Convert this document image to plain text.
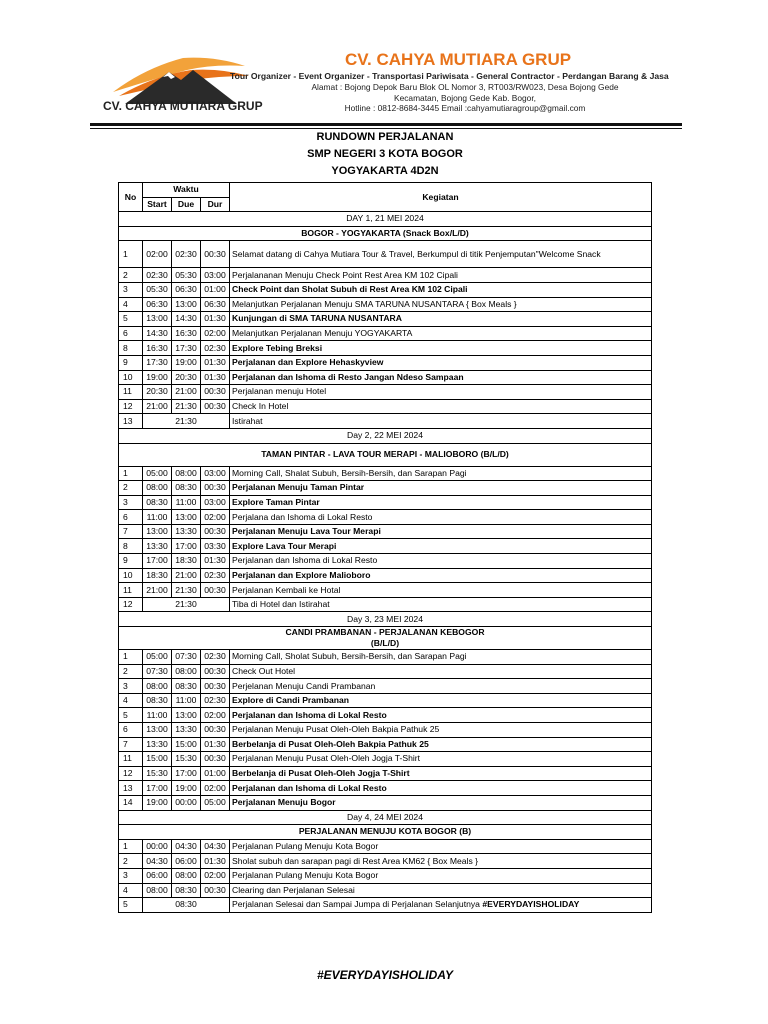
CV. CAHYA MUTIARA GRUP
CV. CAHYA MUTIARA GRUP
Tour Organizer - Event Organizer - Transportasi Pariwisata - General Contractor - Perdangan Barang & Jasa
Alamat : Bojong Depok Baru Blok OL Nomor 3, RT003/RW023, Desa Bojong Gede
Kecamatan, Bojong Gede Kab. Bogor,
Hotline : 0812-8684-3445 Email :cahyamutiaragroup@gmail.com
RUNDOWN PERJALANAN
SMP NEGERI 3 KOTA BOGOR
YOGYAKARTA 4D2N
No	Waktu			Kegiatan
	Start	Due	Dur	
DAY 1, 21 MEI 2024				

BOGOR - YOGYAKARTA (Snack Box/L/D)				

1	02:00	02:30	00:30	Selamat datang di Cahya Mutiara Tour & Travel, Berkumpul di titik Penjemputan"Welcome Snack
2	02:30	05:30	03:00	Perjalananan Menuju Check Point Rest Area KM 102 Cipali
3	05:30	06:30	01:00	Check Point dan Sholat Subuh di Rest Area KM 102 Cipali
4	06:30	13:00	06:30	Melanjutkan Perjalanan Menuju SMA TARUNA NUSANTARA { Box Meals }
5	13:00	14:30	01:30	Kunjungan di SMA TARUNA NUSANTARA
6	14:30	16:30	02:00	Melanjutkan Perjalanan Menuju YOGYAKARTA
8	16:30	17:30	02:30	Explore Tebing Breksi
9	17:30	19:00	01:30	Perjalanan dan Explore Hehaskyview
10	19:00	20:30	01:30	Perjalanan dan Ishoma di Resto Jangan Ndeso Sampaan
11	20:30	21:00	00:30	Perjalanan menuju Hotel
12	21:00	21:30	00:30	Check In Hotel
13	21:30			Istirahat
Day 2, 22 MEI 2024				

TAMAN PINTAR - LAVA TOUR MERAPI - MALIOBORO (B/L/D)				

1	05:00	08:00	03:00	Morning Call, Shalat Subuh, Bersih-Bersih, dan Sarapan Pagi
2	08:00	08:30	00:30	Perjalanan Menuju Taman Pintar
3	08:30	11:00	03:00	Explore Taman Pintar
6	11:00	13:00	02:00	Perjalana dan Ishoma di Lokal Resto
7	13:00	13:30	00:30	Perjalanan Menuju Lava Tour Merapi
8	13:30	17:00	03:30	Explore Lava Tour Merapi
9	17:00	18:30	01:30	Perjalanan dan Ishoma di Lokal Resto
10	18:30	21:00	02:30	Perjalanan dan Explore Malioboro
11	21:00	21:30	00:30	Perjalanan Kembali ke Hotal
12	21:30			Tiba di Hotel dan Istirahat
Day 3, 23 MEI 2024				

CANDI PRAMBANAN - PERJALANAN KEBOGOR
(B/L/D)				

1	05:00	07:30	02:30	Morning Call, Sholat Subuh, Bersih-Bersih, dan Sarapan Pagi
2	07:30	08:00	00:30	Check Out Hotel
3	08:00	08:30	00:30	Perjelanan Menuju Candi Prambanan
4	08:30	11:00	02:30	Explore di Candi Prambanan
5	11:00	13:00	02:00	Perjalanan dan Ishoma di Lokal Resto
6	13:00	13:30	00:30	Perjalanan Menuju Pusat Oleh-Oleh Bakpia Pathuk 25
7	13:30	15:00	01:30	Berbelanja di Pusat Oleh-Oleh Bakpia Pathuk 25
11	15:00	15:30	00:30	Perjalanan Menuju Pusat Oleh-Oleh Jogja T-Shirt
12	15:30	17:00	01:00	Berbelanja di Pusat Oleh-Oleh Jogja T-Shirt
13	17:00	19:00	02:00	Perjalanan dan Ishoma di Lokal Resto
14	19:00	00:00	05:00	Perjalanan Menuju Bogor
Day 4, 24 MEI 2024				

PERJALANAN MENUJU KOTA BOGOR (B)				

1	00:00	04:30	04:30	Perjalanan Pulang Menuju Kota Bogor
2	04:30	06:00	01:30	Sholat subuh dan sarapan pagi di Rest Area KM62 { Box Meals }
3	06:00	08:00	02:00	Perjalanan Pulang Menuju Kota Bogor
4	08:00	08:30	00:30	Clearing dan Perjalanan Selesai
5	08:30			Perjalanan Selesai dan Sampai Jumpa di Perjalanan Selanjutnya #EVERYDAYISHOLIDAY
#EVERYDAYISHOLIDAY
